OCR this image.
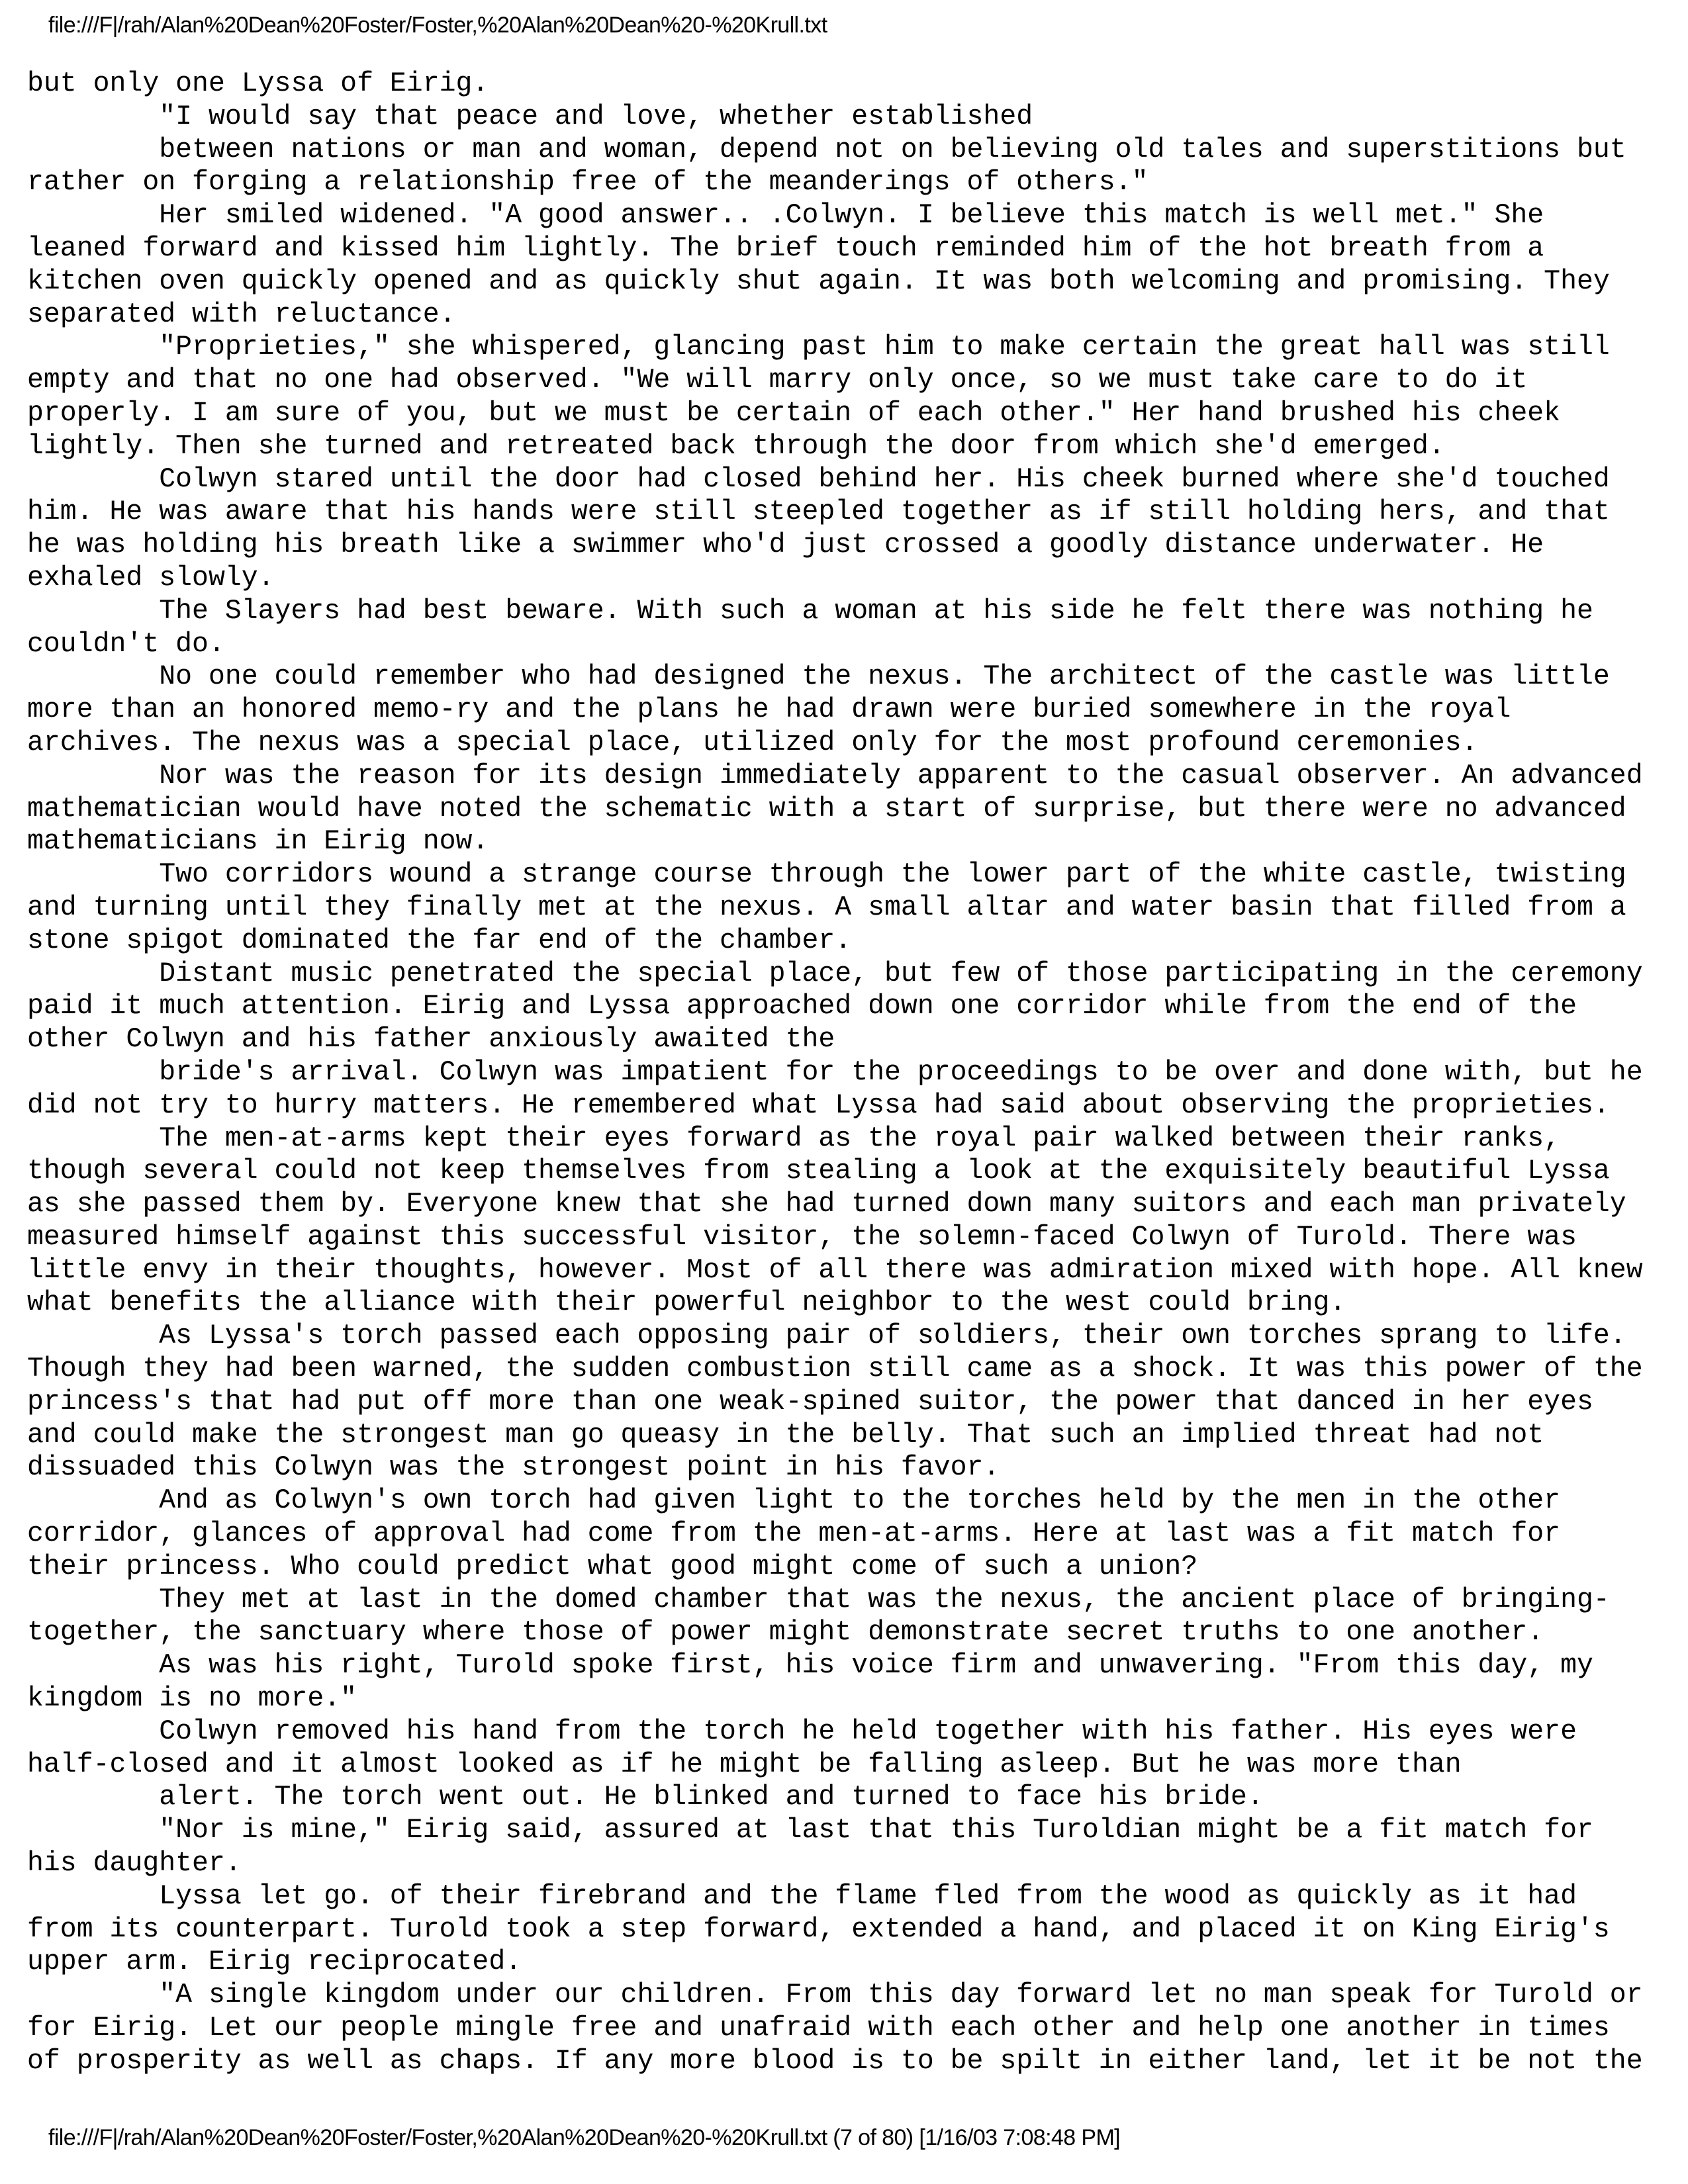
file:///F|/rah/Alan%20Dean%20Foster/Foster,%20Alan%20Dean%20-%20Krull.txt
but only one Lyssa of Eirig.
"I would say that peace and love, whether established
between nations or man and woman, depend not on believing old tales and superstitions but
rather on forging a relationship free of the meanderings of others."
Her smiled widened. "A good answer.. .Colwyn. I believe this match is well met." She
leaned forward and kissed him lightly. The brief touch reminded him of the hot breath from a
kitchen oven quickly opened and as quickly shut again. It was both welcoming and promising. They
separated with reluctance.
"Proprieties," she whispered, glancing past him to make certain the great hall was still
empty and that no one had observed. "We will marry only once, so we must take care to do it
properly. I am sure of you, but we must be certain of each other." Her hand brushed his cheek
lightly. Then she turned and retreated back through the door from which she'd emerged.
Colwyn stared until the door had closed behind her. His cheek burned where she'd touched
him. He was aware that his hands were still steepled together as if still holding hers, and that
he was holding his breath like a swimmer who'd just crossed a goodly distance underwater. He
exhaled slowly.
The Slayers had best beware. With such a woman at his side he felt there was nothing he
couldn't do.
No one could remember who had designed the nexus. The architect of the castle was little
more than an honored memo-ry and the plans he had drawn were buried somewhere in the royal
archives. The nexus was a special place, utilized only for the most profound ceremonies.
Nor was the reason for its design immediately apparent to the casual observer. An advanced
mathematician would have noted the schematic with a start of surprise, but there were no advanced
mathematicians in Eirig now.
Two corridors wound a strange course through the lower part of the white castle, twisting
and turning until they finally met at the nexus. A small altar and water basin that filled from a
stone spigot dominated the far end of the chamber.
Distant music penetrated the special place, but few of those participating in the ceremony
paid it much attention. Eirig and Lyssa approached down one corridor while from the end of the
other Colwyn and his father anxiously awaited the
bride's arrival. Colwyn was impatient for the proceedings to be over and done with, but he
did not try to hurry matters. He remembered what Lyssa had said about observing the proprieties.
The men-at-arms kept their eyes forward as the royal pair walked between their ranks,
though several could not keep themselves from stealing a look at the exquisitely beautiful Lyssa
as she passed them by. Everyone knew that she had turned down many suitors and each man privately
measured himself against this successful visitor, the solemn-faced Colwyn of Turold. There was
little envy in their thoughts, however. Most of all there was admiration mixed with hope. All knew
what benefits the alliance with their powerful neighbor to the west could bring.
As Lyssa's torch passed each opposing pair of soldiers, their own torches sprang to life.
Though they had been warned, the sudden combustion still came as a shock. It was this power of the
princess's that had put off more than one weak-spined suitor, the power that danced in her eyes
and could make the strongest man go queasy in the belly. That such an implied threat had not
dissuaded this Colwyn was the strongest point in his favor.
And as Colwyn's own torch had given light to the torches held by the men in the other
corridor, glances of approval had come from the men-at-arms. Here at last was a fit match for
their princess. Who could predict what good might come of such a union?
They met at last in the domed chamber that was the nexus, the ancient place of bringing-
together, the sanctuary where those of power might demonstrate secret truths to one another.
As was his right, Turold spoke first, his voice firm and unwavering. "From this day, my
kingdom is no more."
Colwyn removed his hand from the torch he held together with his father. His eyes were
half-closed and it almost looked as if he might be falling asleep. But he was more than
alert. The torch went out. He blinked and turned to face his bride.
"Nor is mine," Eirig said, assured at last that this Turoldian might be a fit match for
his daughter.
Lyssa let go. of their firebrand and the flame fled from the wood as quickly as it had
from its counterpart. Turold took a step forward, extended a hand, and placed it on King Eirig's
upper arm. Eirig reciprocated.
"A single kingdom under our children. From this day forward let no man speak for Turold or
for Eirig. Let our people mingle free and unafraid with each other and help one another in times
of prosperity as well as chaps. If any more blood is to be spilt in either land, let it be not the
file:///F|/rah/Alan%20Dean%20Foster/Foster,%20Alan%20Dean%20-%20Krull.txt (7 of 80) [1/16/03 7:08:48 PM]
